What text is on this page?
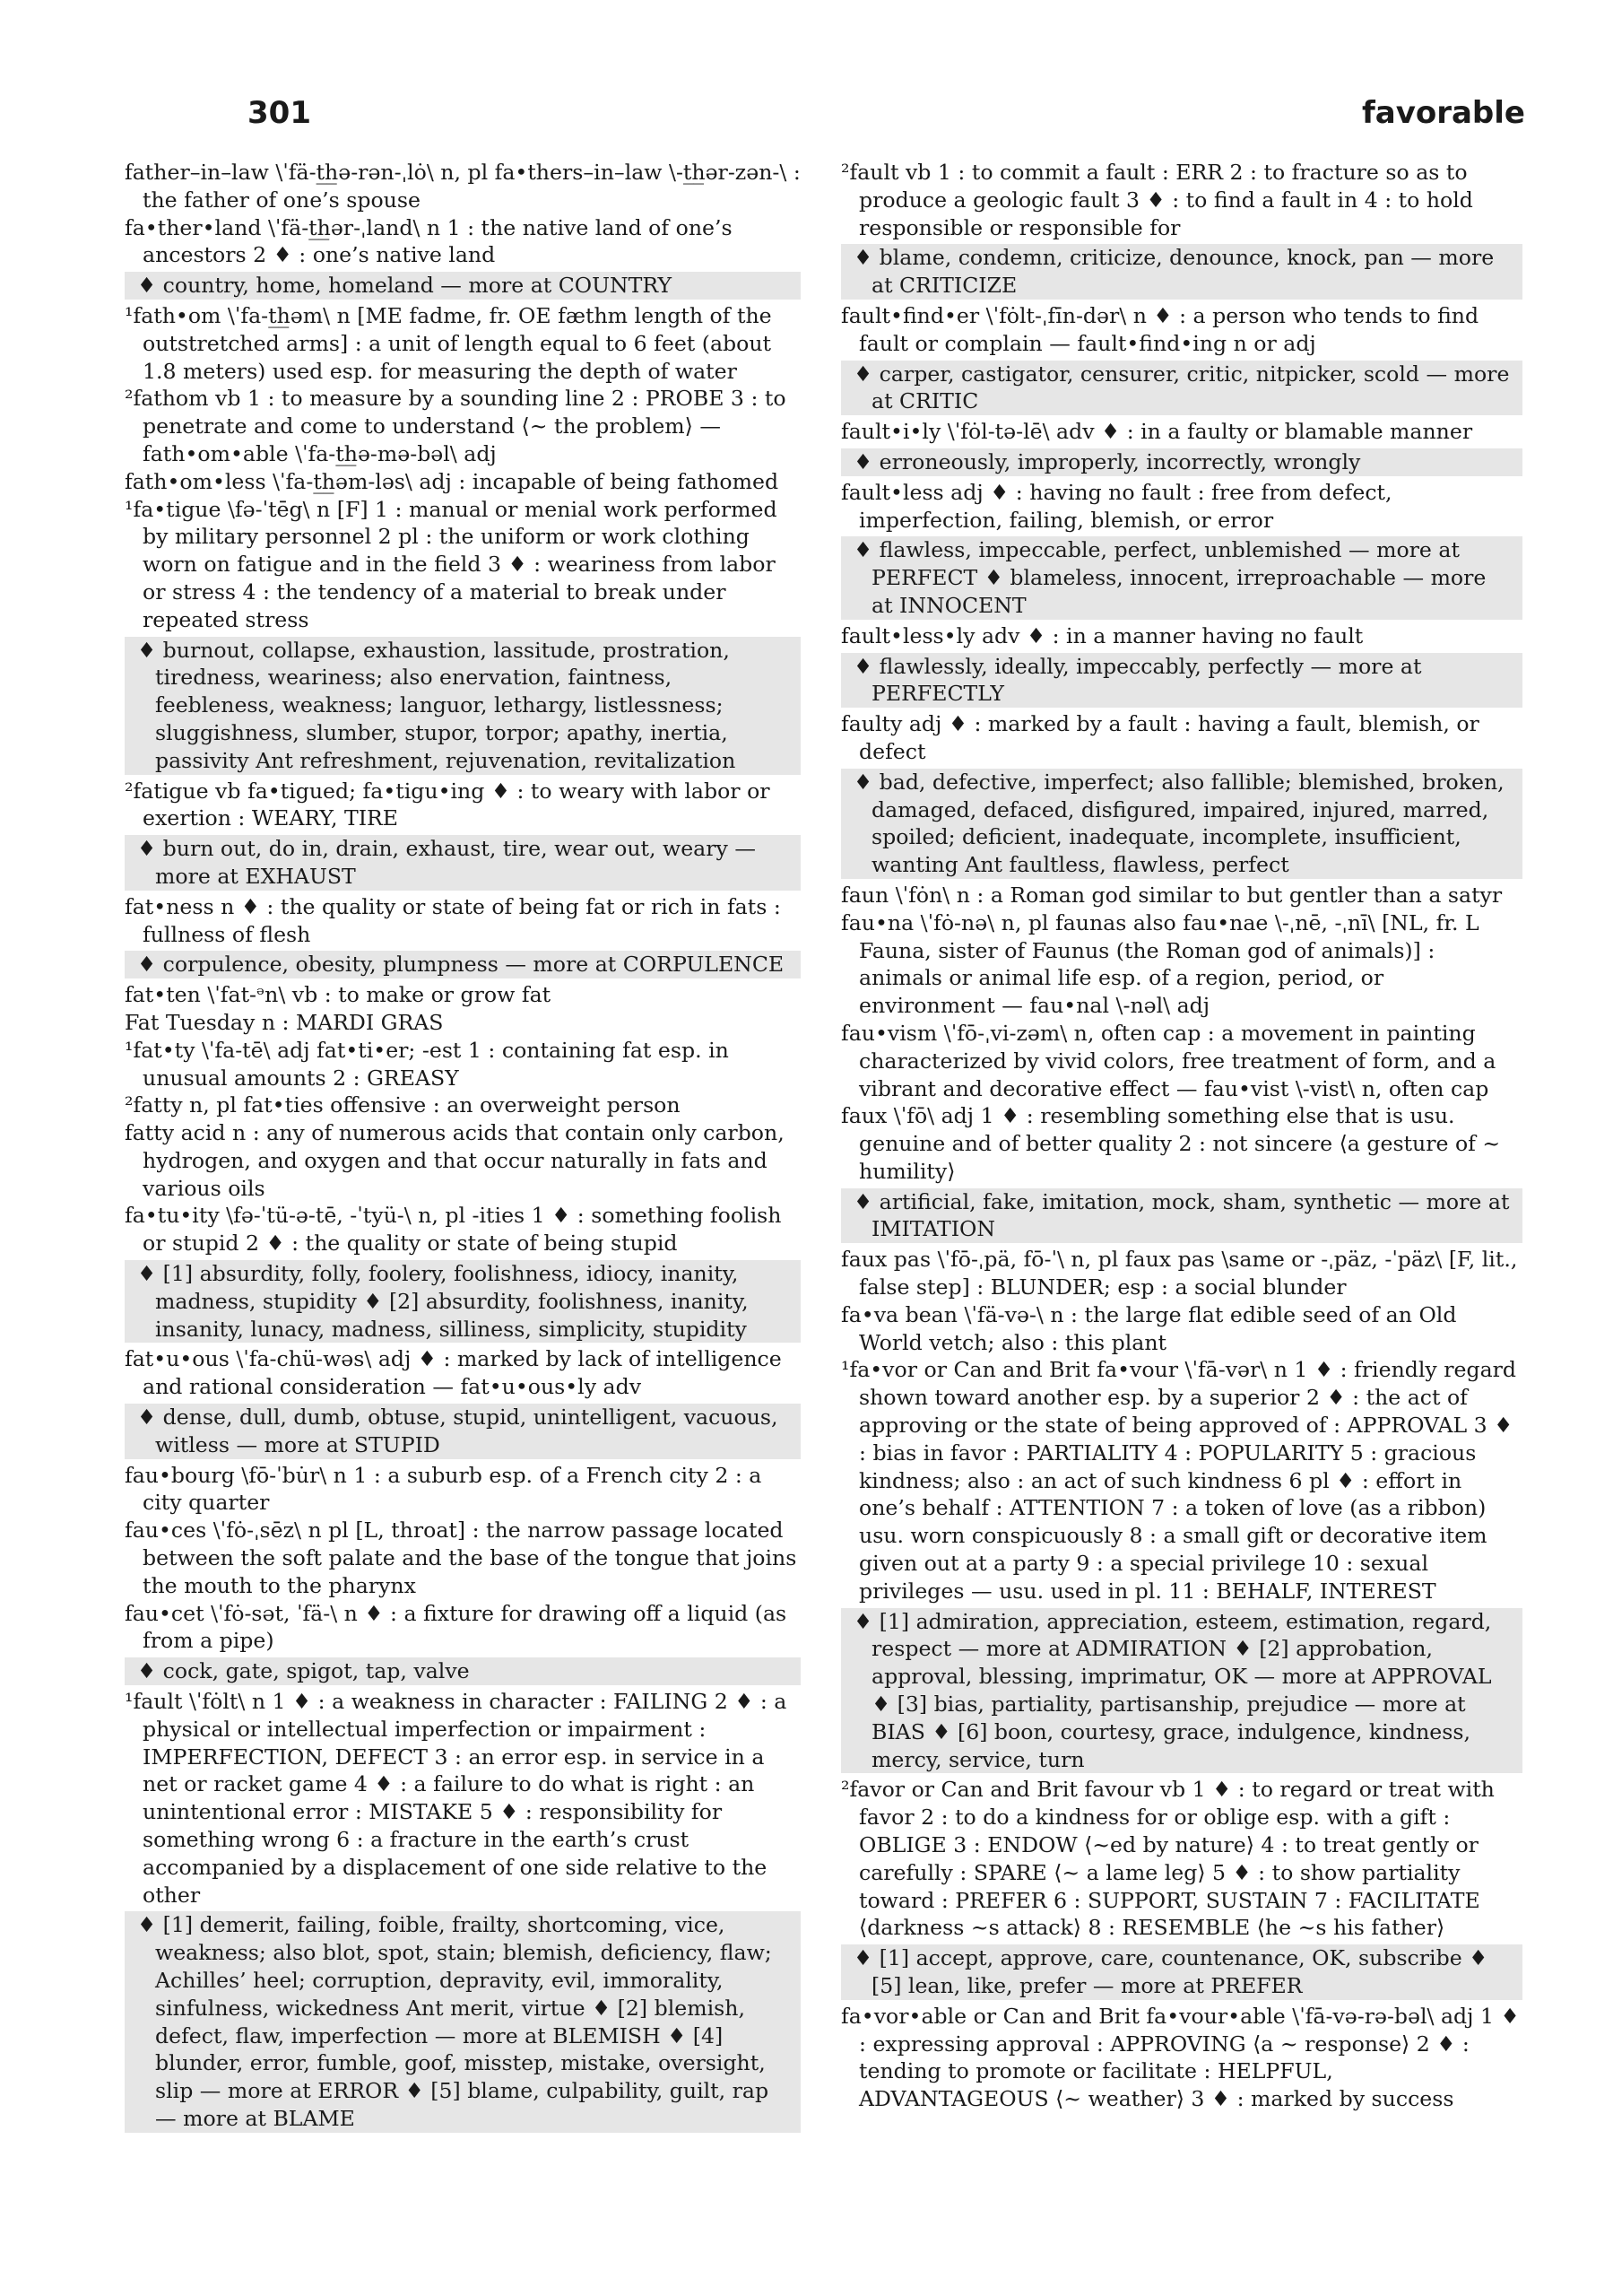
301	favorable
father–in–law \ˈfä-t̲h̲ə-rən-ˌlȯ\ n, pl fa•thers–in–law \-t̲h̲ər-zən-\ : the father of one’s spouse
fa•ther•land \ˈfä-t̲h̲ər-ˌland\ n 1 : the native land of one’s ancestors 2 ♦ : one’s native land
♦ country, home, homeland — more at COUNTRY
¹fath•om \ˈfa-t̲h̲əm\ n [ME fadme, fr. OE fæthm length of the outstretched arms] : a unit of length equal to 6 feet (about 1.8 meters) used esp. for measuring the depth of water
²fathom vb 1 : to measure by a sounding line 2 : PROBE 3 : to penetrate and come to understand ⟨~ the problem⟩ — fath•om•able \ˈfa-t̲h̲ə-mə-bəl\ adj
fath•om•less \ˈfa-t̲h̲əm-ləs\ adj : incapable of being fathomed
¹fa•tigue \fə-ˈtēg\ n [F] 1 : manual or menial work performed by military personnel 2 pl : the uniform or work clothing worn on fatigue and in the field 3 ♦ : weariness from labor or stress 4 : the tendency of a material to break under repeated stress
♦ burnout, collapse, exhaustion, lassitude, prostration, tiredness, weariness; also enervation, faintness, feebleness, weakness; languor, lethargy, listlessness; sluggishness, slumber, stupor, torpor; apathy, inertia, passivity Ant refreshment, rejuvenation, revitalization
²fatigue vb fa•tigued; fa•tigu•ing ♦ : to weary with labor or exertion : WEARY, TIRE
♦ burn out, do in, drain, exhaust, tire, wear out, weary — more at EXHAUST
fat•ness n ♦ : the quality or state of being fat or rich in fats : fullness of flesh
♦ corpulence, obesity, plumpness — more at CORPULENCE
fat•ten \ˈfat-ᵊn\ vb : to make or grow fat
Fat Tuesday n : MARDI GRAS
¹fat•ty \ˈfa-tē\ adj fat•ti•er; -est 1 : containing fat esp. in unusual amounts 2 : GREASY
²fatty n, pl fat•ties offensive : an overweight person
fatty acid n : any of numerous acids that contain only carbon, hydrogen, and oxygen and that occur naturally in fats and various oils
fa•tu•ity \fə-ˈtü-ə-tē, -ˈtyü-\ n, pl -ities 1 ♦ : something foolish or stupid 2 ♦ : the quality or state of being stupid
♦ [1] absurdity, folly, foolery, foolishness, idiocy, inanity, madness, stupidity ♦ [2] absurdity, foolishness, inanity, insanity, lunacy, madness, silliness, simplicity, stupidity
fat•u•ous \ˈfa-chü-wəs\ adj ♦ : marked by lack of intelligence and rational consideration — fat•u•ous•ly adv
♦ dense, dull, dumb, obtuse, stupid, unintelligent, vacuous, witless — more at STUPID
fau•bourg \fō-ˈbu̇r\ n 1 : a suburb esp. of a French city 2 : a city quarter
fau•ces \ˈfȯ-ˌsēz\ n pl [L, throat] : the narrow passage located between the soft palate and the base of the tongue that joins the mouth to the pharynx
fau•cet \ˈfȯ-sət, ˈfä-\ n ♦ : a fixture for drawing off a liquid (as from a pipe)
♦ cock, gate, spigot, tap, valve
¹fault \ˈfȯlt\ n 1 ♦ : a weakness in character : FAILING 2 ♦ : a physical or intellectual imperfection or impairment : IMPERFECTION, DEFECT 3 : an error esp. in service in a net or racket game 4 ♦ : a failure to do what is right : an unintentional error : MISTAKE 5 ♦ : responsibility for something wrong 6 : a fracture in the earth’s crust accompanied by a displacement of one side relative to the other
♦ [1] demerit, failing, foible, frailty, shortcoming, vice, weakness; also blot, spot, stain; blemish, deficiency, flaw; Achilles’ heel; corruption, depravity, evil, immorality, sinfulness, wickedness Ant merit, virtue ♦ [2] blemish, defect, flaw, imperfection — more at BLEMISH ♦ [4] blunder, error, fumble, goof, misstep, mistake, oversight, slip — more at ERROR ♦ [5] blame, culpability, guilt, rap — more at BLAME
²fault vb 1 : to commit a fault : ERR 2 : to fracture so as to produce a geologic fault 3 ♦ : to find a fault in 4 : to hold responsible or responsible for
♦ blame, condemn, criticize, denounce, knock, pan — more at CRITICIZE
fault•find•er \ˈfȯlt-ˌfīn-dər\ n ♦ : a person who tends to find fault or complain — fault•find•ing n or adj
♦ carper, castigator, censurer, critic, nitpicker, scold — more at CRITIC
fault•i•ly \ˈfȯl-tə-lē\ adv ♦ : in a faulty or blamable manner
♦ erroneously, improperly, incorrectly, wrongly
fault•less adj ♦ : having no fault : free from defect, imperfection, failing, blemish, or error
♦ flawless, impeccable, perfect, unblemished — more at PERFECT ♦ blameless, innocent, irreproachable — more at INNOCENT
fault•less•ly adv ♦ : in a manner having no fault
♦ flawlessly, ideally, impeccably, perfectly — more at PERFECTLY
faulty adj ♦ : marked by a fault : having a fault, blemish, or defect
♦ bad, defective, imperfect; also fallible; blemished, broken, damaged, defaced, disfigured, impaired, injured, marred, spoiled; deficient, inadequate, incomplete, insufficient, wanting Ant faultless, flawless, perfect
faun \ˈfȯn\ n : a Roman god similar to but gentler than a satyr
fau•na \ˈfȯ-nə\ n, pl faunas also fau•nae \-ˌnē, -ˌnī\ [NL, fr. L Fauna, sister of Faunus (the Roman god of animals)] : animals or animal life esp. of a region, period, or environment — fau•nal \-nəl\ adj
fau•vism \ˈfō-ˌvi-zəm\ n, often cap : a movement in painting characterized by vivid colors, free treatment of form, and a vibrant and decorative effect — fau•vist \-vist\ n, often cap
faux \ˈfō\ adj 1 ♦ : resembling something else that is usu. genuine and of better quality 2 : not sincere ⟨a gesture of ~ humility⟩
♦ artificial, fake, imitation, mock, sham, synthetic — more at IMITATION
faux pas \ˈfō-ˌpä, fō-ˈ\ n, pl faux pas \same or -ˌpäz, -ˈpäz\ [F, lit., false step] : BLUNDER; esp : a social blunder
fa•va bean \ˈfä-və-\ n : the large flat edible seed of an Old World vetch; also : this plant
¹fa•vor or Can and Brit fa•vour \ˈfā-vər\ n 1 ♦ : friendly regard shown toward another esp. by a superior 2 ♦ : the act of approving or the state of being approved of : APPROVAL 3 ♦ : bias in favor : PARTIALITY 4 : POPULARITY 5 : gracious kindness; also : an act of such kindness 6 pl ♦ : effort in one’s behalf : ATTENTION 7 : a token of love (as a ribbon) usu. worn conspicuously 8 : a small gift or decorative item given out at a party 9 : a special privilege 10 : sexual privileges — usu. used in pl. 11 : BEHALF, INTEREST
♦ [1] admiration, appreciation, esteem, estimation, regard, respect — more at ADMIRATION ♦ [2] approbation, approval, blessing, imprimatur, OK — more at APPROVAL ♦ [3] bias, partiality, partisanship, prejudice — more at BIAS ♦ [6] boon, courtesy, grace, indulgence, kindness, mercy, service, turn
²favor or Can and Brit favour vb 1 ♦ : to regard or treat with favor 2 : to do a kindness for or oblige esp. with a gift : OBLIGE 3 : ENDOW ⟨~ed by nature⟩ 4 : to treat gently or carefully : SPARE ⟨~ a lame leg⟩ 5 ♦ : to show partiality toward : PREFER 6 : SUPPORT, SUSTAIN 7 : FACILITATE ⟨darkness ~s attack⟩ 8 : RESEMBLE ⟨he ~s his father⟩
♦ [1] accept, approve, care, countenance, OK, subscribe ♦ [5] lean, like, prefer — more at PREFER
fa•vor•able or Can and Brit fa•vour•able \ˈfā-və-rə-bəl\ adj 1 ♦ : expressing approval : APPROVING ⟨a ~ response⟩ 2 ♦ : tending to promote or facilitate : HELPFUL, ADVANTAGEOUS ⟨~ weather⟩ 3 ♦ : marked by success
